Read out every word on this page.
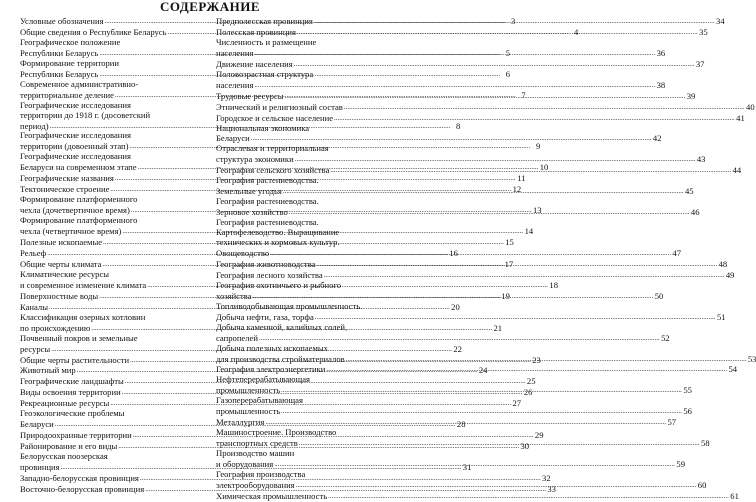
СОДЕРЖАНИЕ
Условные обозначения .....	3
Общие сведения о Республике Беларусь .....	4
Географическое положение
Республики Беларусь .....	5
Формирование территории
Республики Беларусь .....	6
Современное административно-
территориальное деление .....	7
Географические исследования
территории до 1918 г. (досоветский
период) .....	8
Географические исследования
территории (довоенный этап) .....	9
Географические исследования
Беларуси на современном этапе .....	10
Географические названия .....	11
Тектоническое строение .....	12
Формирование платформенного
чехла (дочетвертичное время) .....	13
Формирование платформенного
чехла (четвертичное время) .....	14
Полезные ископаемые .....	15
Рельеф .....	16
Общие черты климата .....	17
Климатические ресурсы
и современное изменение климата .....	18
Поверхностные воды .....	19
Каналы .....	20
Классификация озерных котловин
по происхождению .....	21
Почвенный покров и земельные
ресурсы .....	22
Общие черты растительности .....	23
Животный мир .....	24
Географические ландшафты .....	25
Виды освоения территории .....	26
Рекреационные ресурсы .....	27
Геоэкологические проблемы
Беларуси .....	28
Природоохранные территории .....	29
Районирование и его виды .....	30
Белорусская поозерская
провинция .....	31
Западно-белорусская провинция .....	32
Восточно-белорусская провинция .....	33
Предполесская провинция .....	34
Полесская провинция .....	35
Численность и размещение
населения .....	36
Движение населения .....	37
Половозрастная структура
населения .....	38
Трудовые ресурсы .....	39
Этнический и религиозный состав .....	40
Городское и сельское население .....	41
Национальная экономика
Беларуси .....	42
Отраслевая и территориальная
структура экономики .....	43
География сельского хозяйства .....	44
География растениеводства.
Земельные угодья .....	45
География растениеводства.
Зерновое хозяйство .....	46
География растениеводства.
Картофелеводство. Выращивание
технических и кормовых культур.
Овощеводство .....	47
География животноводства .....	48
География лесного хозяйства .....	49
География охотничьего и рыбного
хозяйства .....	50
Топливодобывающая промышленность.
Добыча нефти, газа, торфа .....	51
Добыча каменной, калийных солей,
сапропелей .....	52
Добыча полезных ископаемых
для производства стройматериалов .....	53
География электроэнергетики .....	54
Нефтеперерабатывающая
промышленность .....	55
Газоперерабатывающая
промышленность .....	56
Металлургия .....	57
Машиностроение. Производство
транспортных средств .....	58
Производство машин
и оборудования .....	59
География производства
электрооборудования .....	60
Химическая промышленность .....	61
